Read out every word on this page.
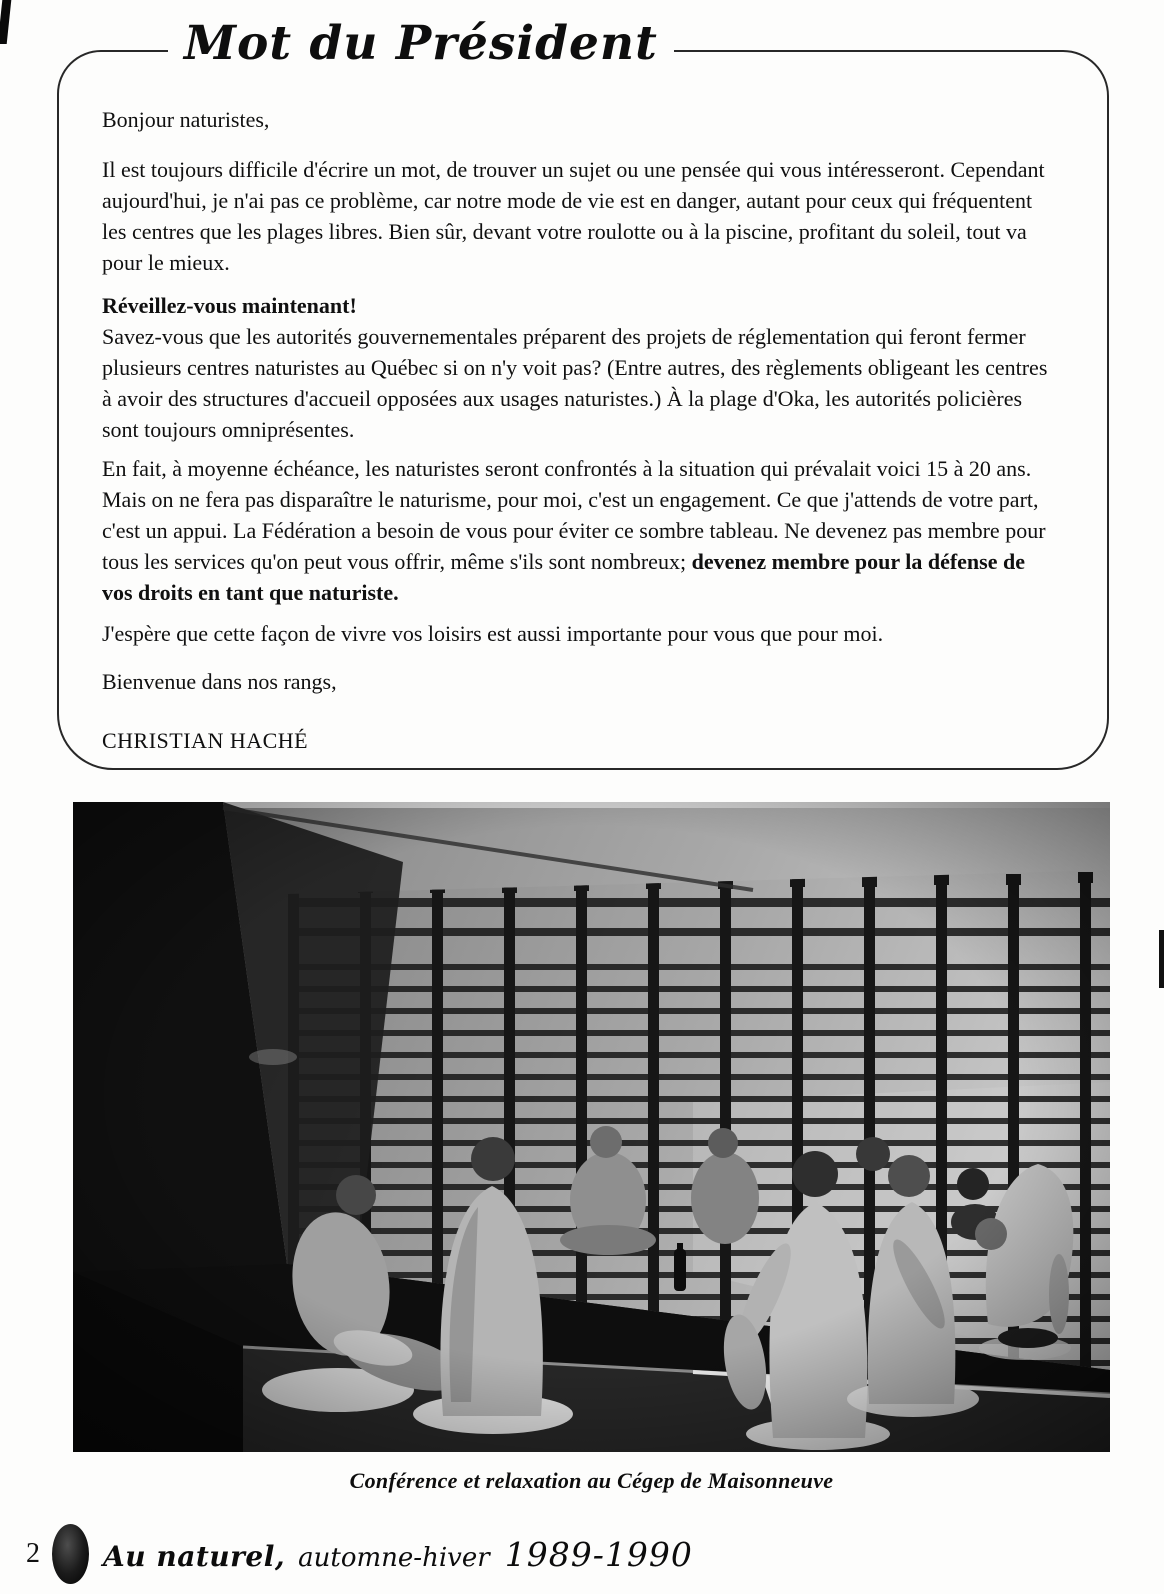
Mot du Président

Bonjour naturistes,

Il est toujours difficile d'écrire un mot, de trouver un sujet ou une pensée qui vous intéresseront. Cependant aujourd'hui, je n'ai pas ce problème, car notre mode de vie est en danger, autant pour ceux qui fréquentent les centres que les plages libres. Bien sûr, devant votre roulotte ou à la piscine, profitant du soleil, tout va pour le mieux.

Réveillez-vous maintenant!
Savez-vous que les autorités gouvernementales préparent des projets de réglementation qui feront fermer plusieurs centres naturistes au Québec si on n'y voit pas? (Entre autres, des règlements obligeant les centres à avoir des structures d'accueil opposées aux usages naturistes.) À la plage d'Oka, les autorités policières sont toujours omniprésentes.

En fait, à moyenne échéance, les naturistes seront confrontés à la situation qui prévalait voici 15 à 20 ans. Mais on ne fera pas disparaître le naturisme, pour moi, c'est un engagement. Ce que j'attends de votre part, c'est un appui. La Fédération a besoin de vous pour éviter ce sombre tableau. Ne devenez pas membre pour tous les services qu'on peut vous offrir, même s'ils sont nombreux; devenez membre pour la défense de vos droits en tant que naturiste.

J'espère que cette façon de vivre vos loisirs est aussi importante pour vous que pour moi.

Bienvenue dans nos rangs,

CHRISTIAN HACHÉ

Conférence et relaxation au Cégep de Maisonneuve
2 Au naturel, automne-hiver 1989-1990
